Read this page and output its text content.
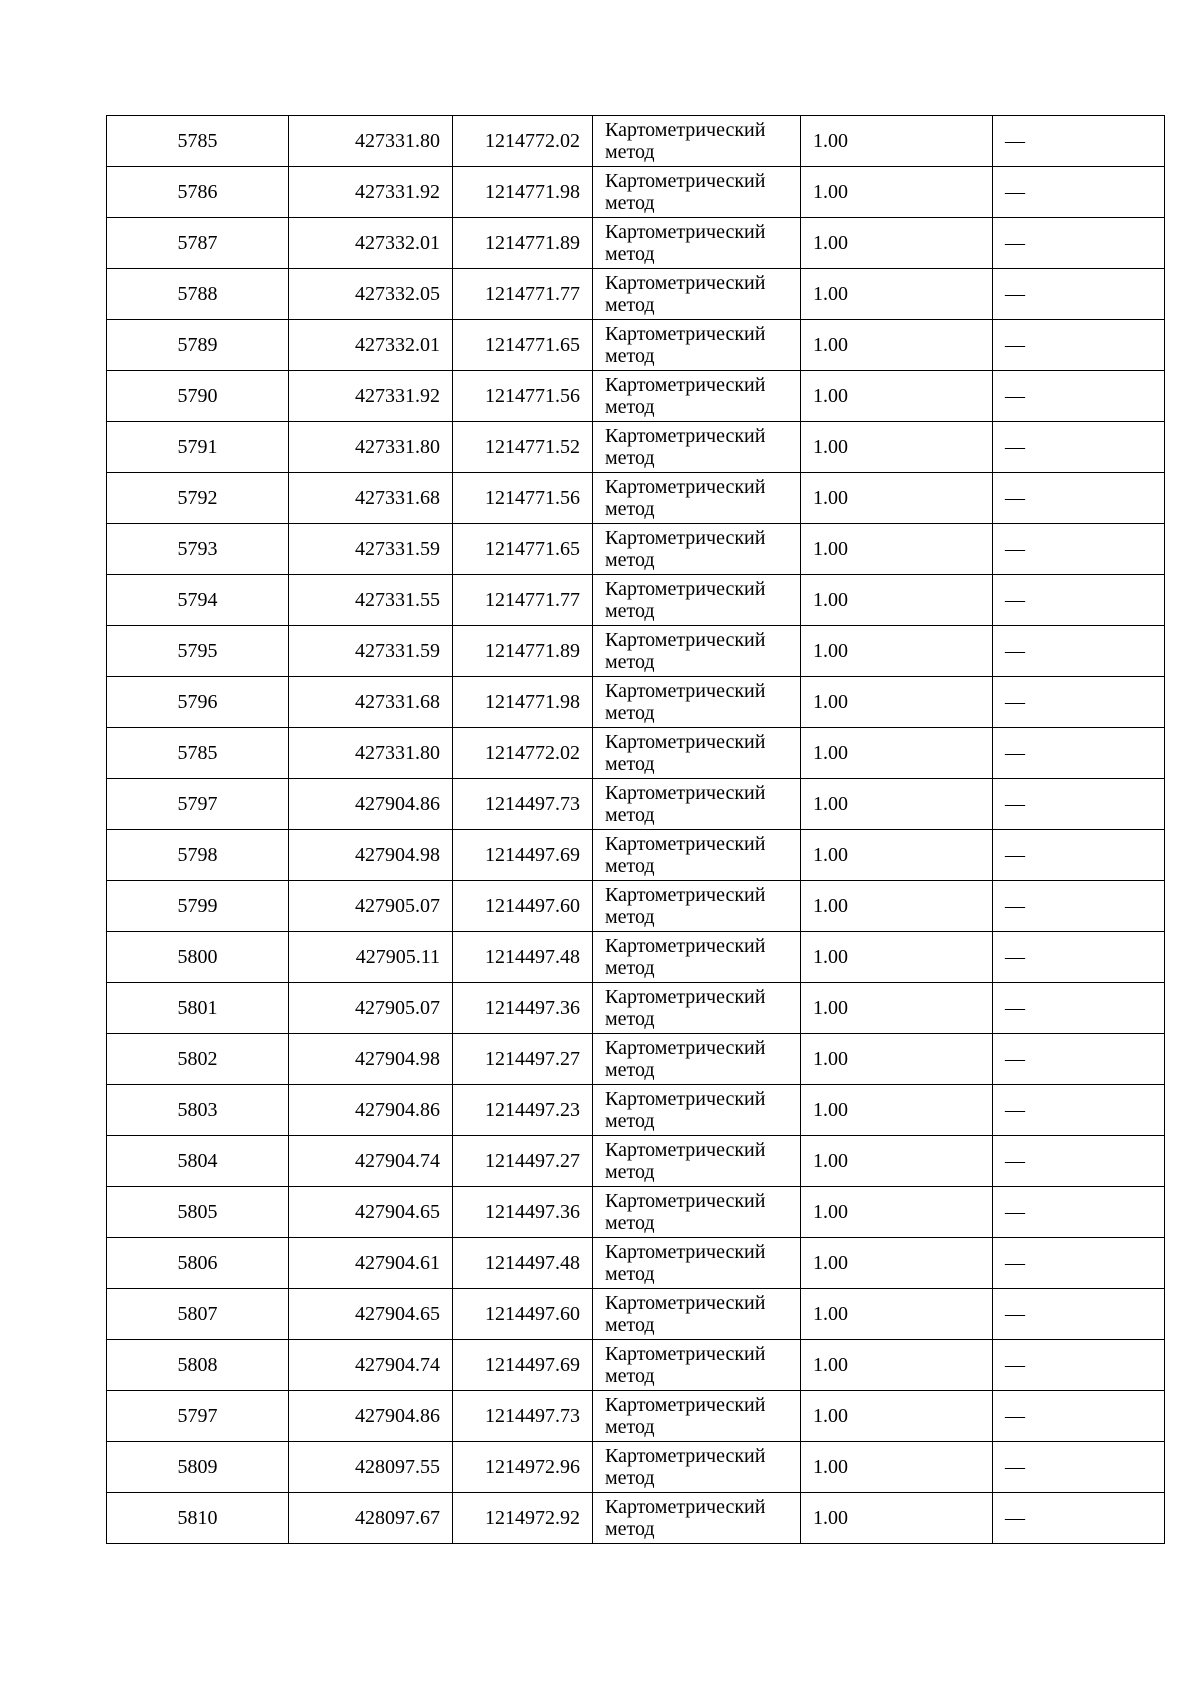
5785	427331.80	1214772.02	Картометрический
метод	1.00	—
5786	427331.92	1214771.98	Картометрический
метод	1.00	—
5787	427332.01	1214771.89	Картометрический
метод	1.00	—
5788	427332.05	1214771.77	Картометрический
метод	1.00	—
5789	427332.01	1214771.65	Картометрический
метод	1.00	—
5790	427331.92	1214771.56	Картометрический
метод	1.00	—
5791	427331.80	1214771.52	Картометрический
метод	1.00	—
5792	427331.68	1214771.56	Картометрический
метод	1.00	—
5793	427331.59	1214771.65	Картометрический
метод	1.00	—
5794	427331.55	1214771.77	Картометрический
метод	1.00	—
5795	427331.59	1214771.89	Картометрический
метод	1.00	—
5796	427331.68	1214771.98	Картометрический
метод	1.00	—
5785	427331.80	1214772.02	Картометрический
метод	1.00	—
5797	427904.86	1214497.73	Картометрический
метод	1.00	—
5798	427904.98	1214497.69	Картометрический
метод	1.00	—
5799	427905.07	1214497.60	Картометрический
метод	1.00	—
5800	427905.11	1214497.48	Картометрический
метод	1.00	—
5801	427905.07	1214497.36	Картометрический
метод	1.00	—
5802	427904.98	1214497.27	Картометрический
метод	1.00	—
5803	427904.86	1214497.23	Картометрический
метод	1.00	—
5804	427904.74	1214497.27	Картометрический
метод	1.00	—
5805	427904.65	1214497.36	Картометрический
метод	1.00	—
5806	427904.61	1214497.48	Картометрический
метод	1.00	—
5807	427904.65	1214497.60	Картометрический
метод	1.00	—
5808	427904.74	1214497.69	Картометрический
метод	1.00	—
5797	427904.86	1214497.73	Картометрический
метод	1.00	—
5809	428097.55	1214972.96	Картометрический
метод	1.00	—
5810	428097.67	1214972.92	Картометрический
метод	1.00	—
